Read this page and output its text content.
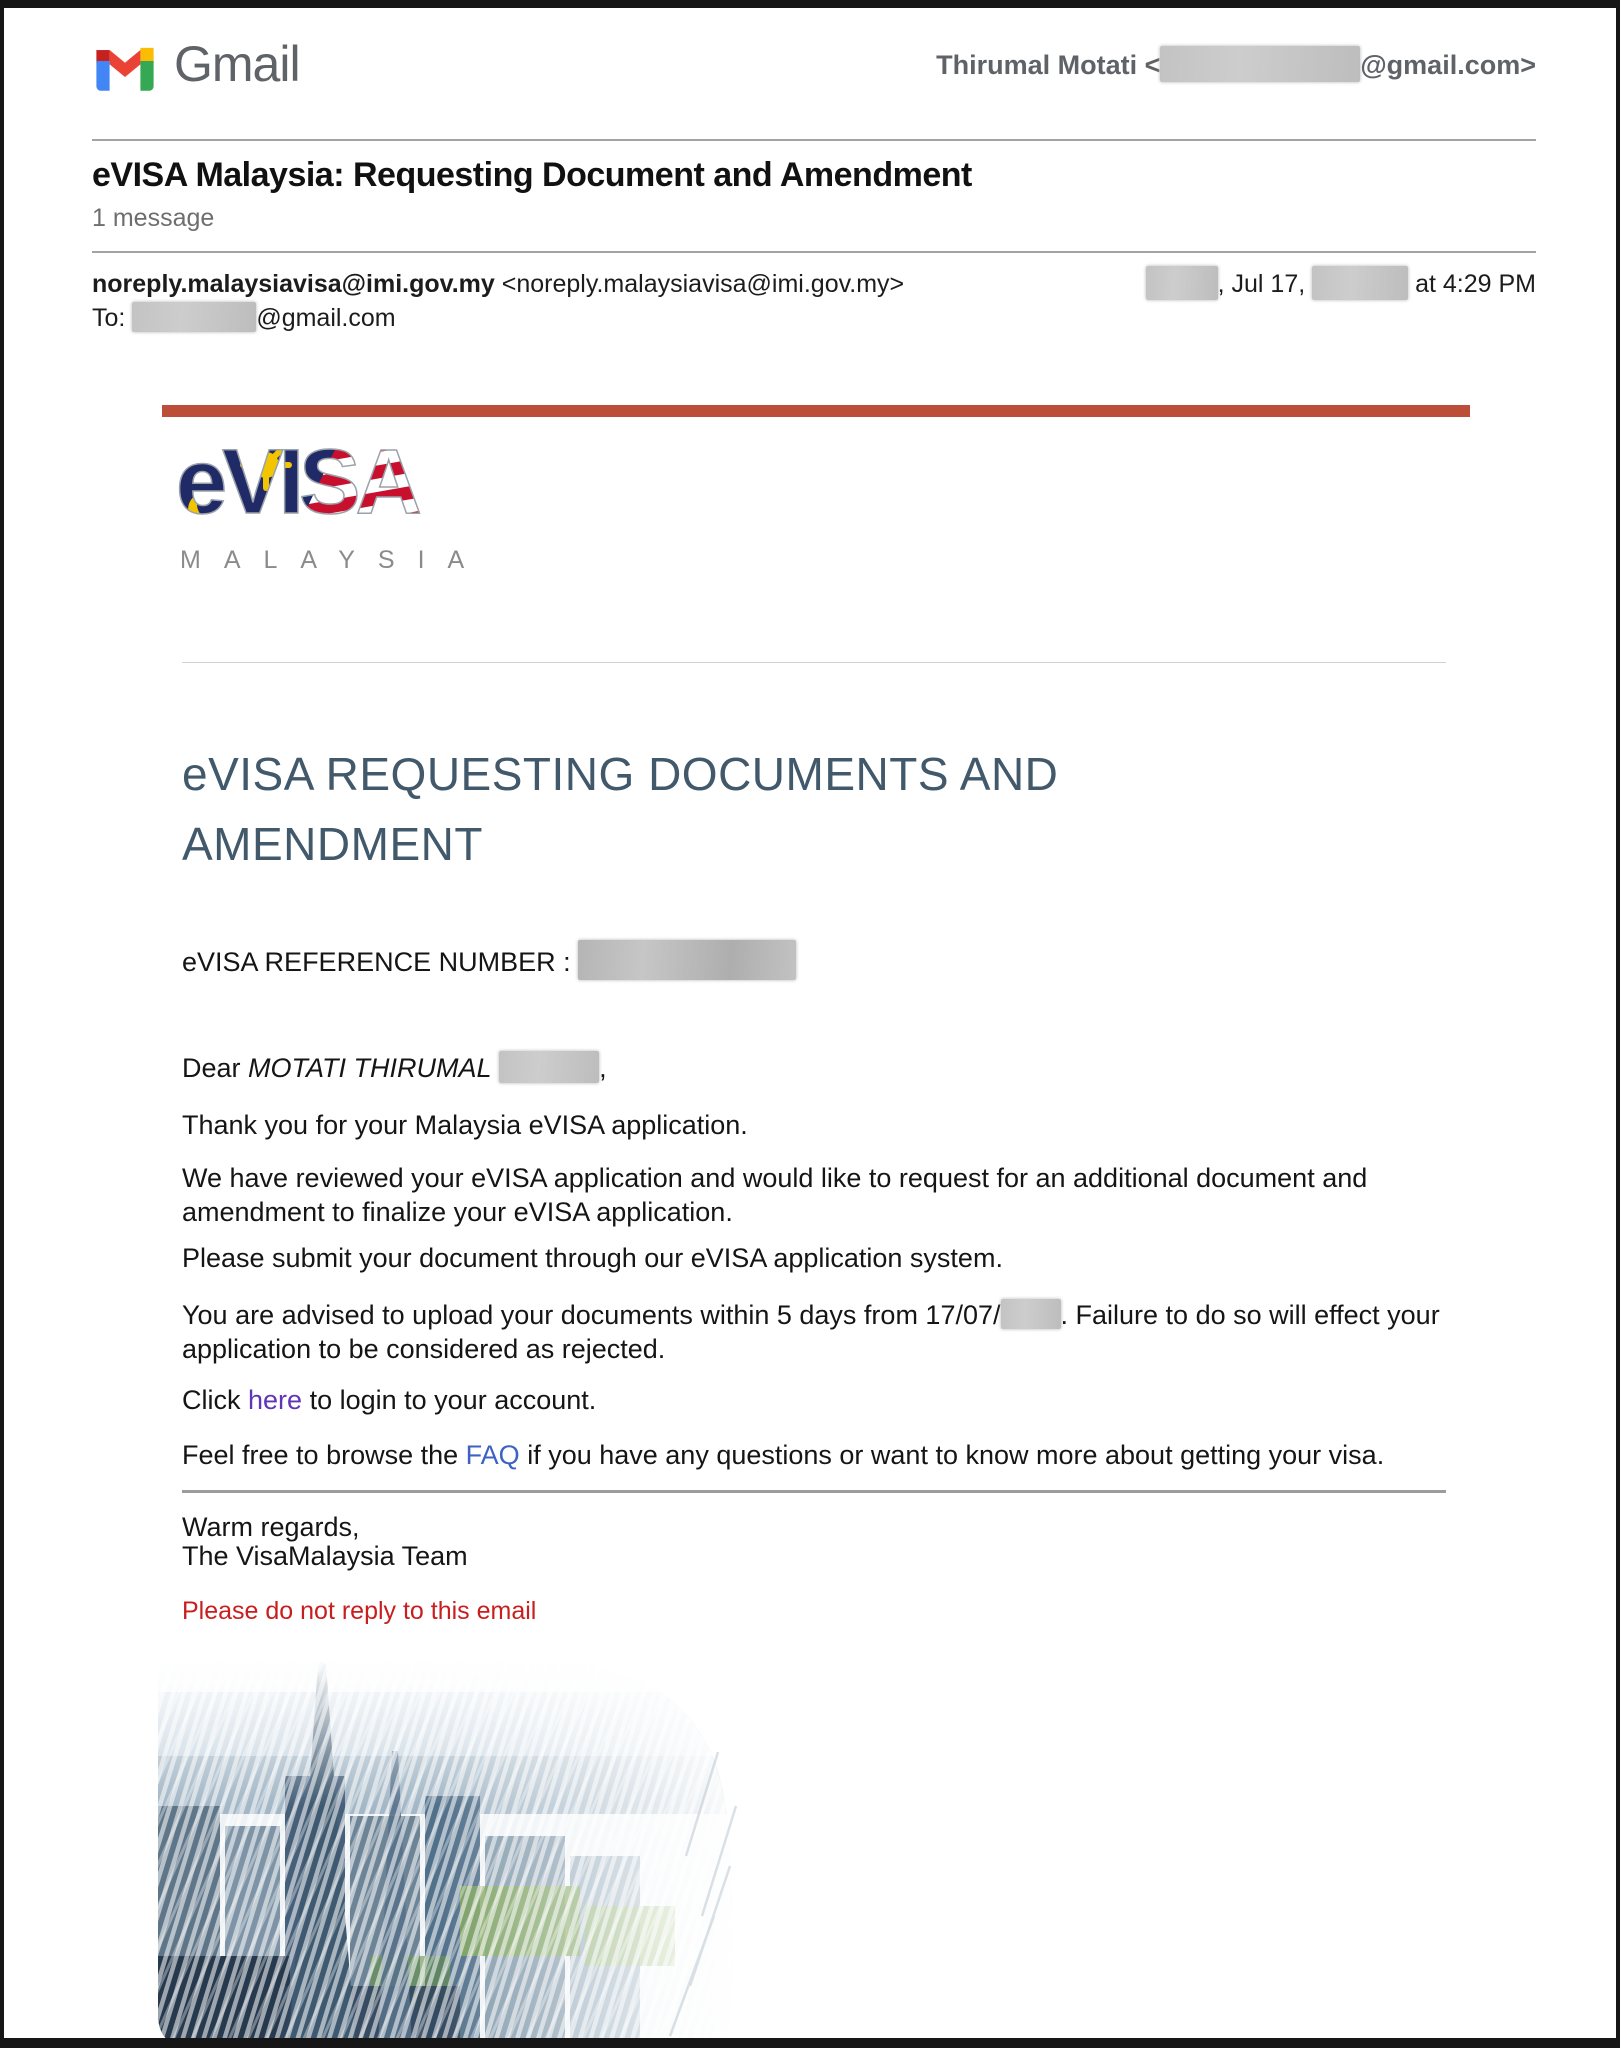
Gmail	Thirumal Motati <	@gmail.com>
eVISA Malaysia: Requesting Document and Amendment
1 message
noreply.malaysiavisa@imi.gov.my <noreply.malaysiavisa@imi.gov.my>	, Jul 17,	at 4:29 PM
To:	@gmail.com
eVISA
MALAYSIA
eVISA REQUESTING DOCUMENTS AND AMENDMENT

eVISA REFERENCE NUMBER :

Dear MOTATI THIRUMAL	,

Thank you for your Malaysia eVISA application.

We have reviewed your eVISA application and would like to request for an additional document and amendment to finalize your eVISA application.

Please submit your document through our eVISA application system.

You are advised to upload your documents within 5 days from 17/07/ . Failure to do so will effect your application to be considered as rejected.

Click here to login to your account.

Feel free to browse the FAQ if you have any questions or want to know more about getting your visa.

Warm regards,
The VisaMalaysia Team

Please do not reply to this email
